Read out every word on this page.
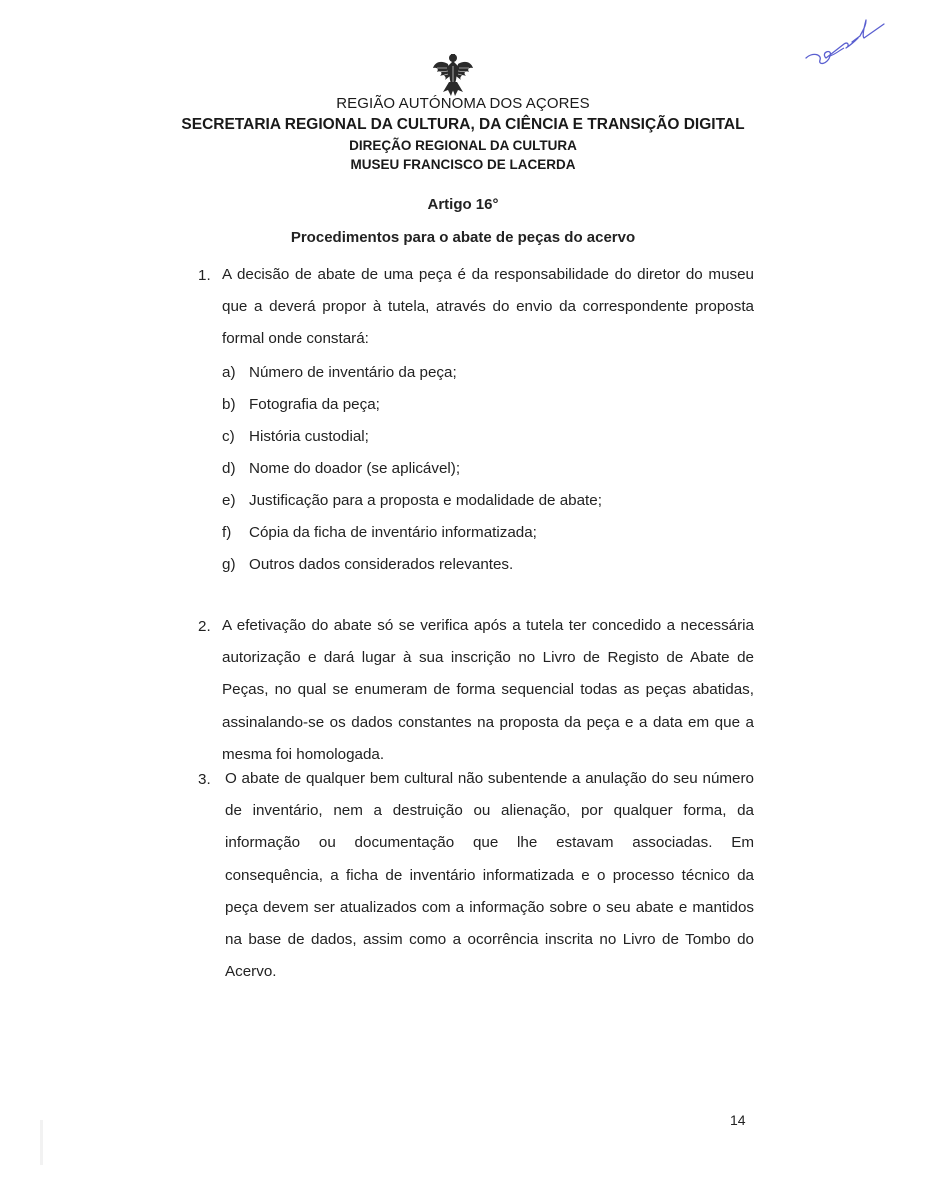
REGIÃO AUTÓNOMA DOS AÇORES
SECRETARIA REGIONAL DA CULTURA, DA CIÊNCIA E TRANSIÇÃO DIGITAL
DIREÇÃO REGIONAL DA CULTURA
MUSEU FRANCISCO DE LACERDA
Artigo 16°
Procedimentos para o abate de peças do acervo
1. A decisão de abate de uma peça é da responsabilidade do diretor do museu que a deverá propor à tutela, através do envio da correspondente proposta formal onde constará:
a) Número de inventário da peça;
b) Fotografia da peça;
c) História custodial;
d) Nome do doador (se aplicável);
e) Justificação para a proposta e modalidade de abate;
f) Cópia da ficha de inventário informatizada;
g) Outros dados considerados relevantes.
2. A efetivação do abate só se verifica após a tutela ter concedido a necessária autorização e dará lugar à sua inscrição no Livro de Registo de Abate de Peças, no qual se enumeram de forma sequencial todas as peças abatidas, assinalando-se os dados constantes na proposta da peça e a data em que a mesma foi homologada.
3. O abate de qualquer bem cultural não subentende a anulação do seu número de inventário, nem a destruição ou alienação, por qualquer forma, da informação ou documentação que lhe estavam associadas. Em consequência, a ficha de inventário informatizada e o processo técnico da peça devem ser atualizados com a informação sobre o seu abate e mantidos na base de dados, assim como a ocorrência inscrita no Livro de Tombo do Acervo.
14
